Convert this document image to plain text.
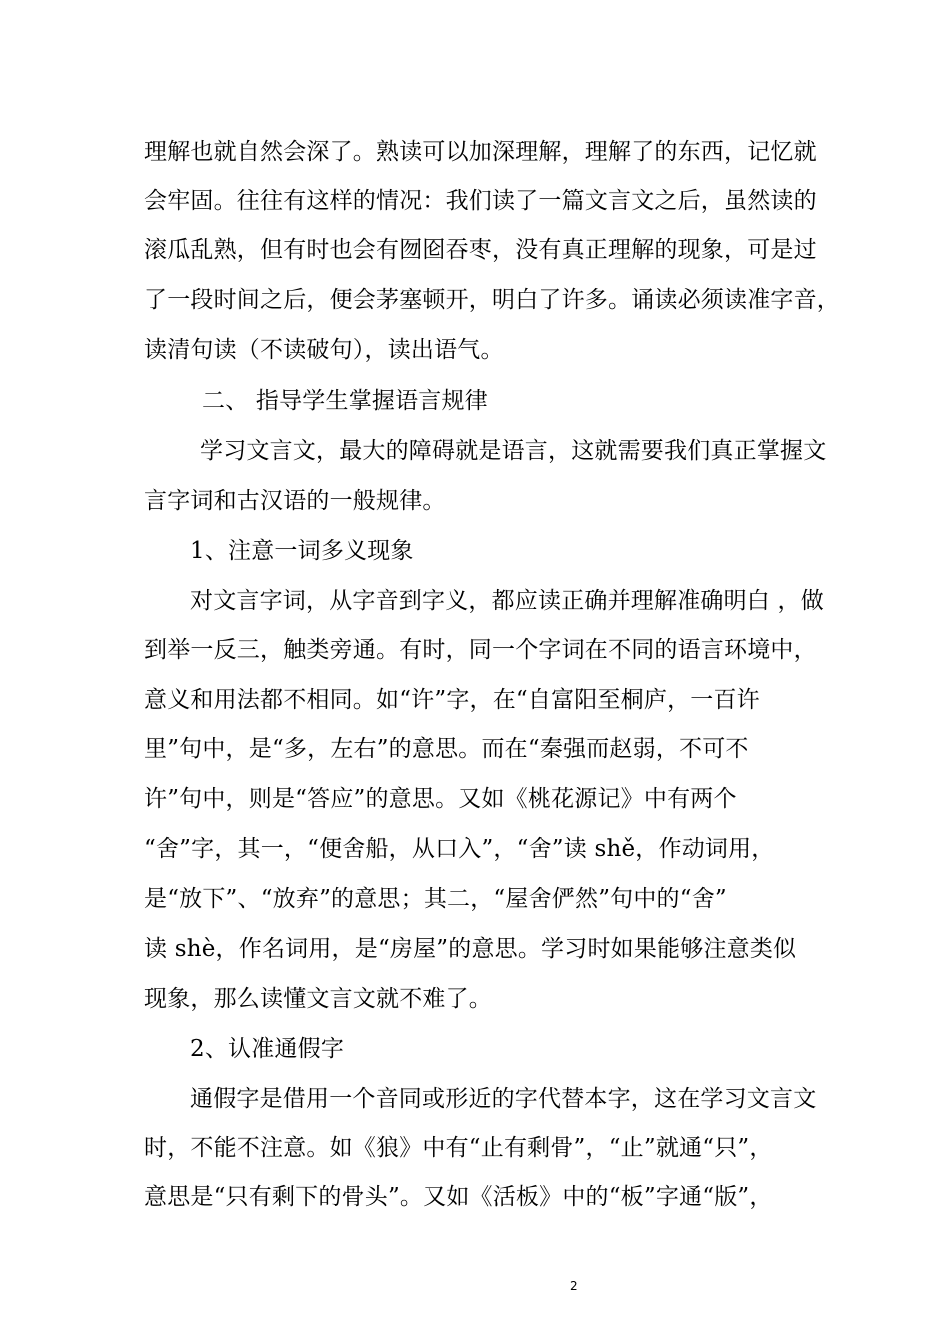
理解也就自然会深了。熟读可以加深理解，理解了的东西，记忆就
会牢固。往往有这样的情况：我们读了一篇文言文之后，虽然读的
滚瓜乱熟，但有时也会有囫囵吞枣，没有真正理解的现象，可是过
了一段时间之后，便会茅塞顿开，明白了许多。诵读必须读准字音，
读清句读（不读破句），读出语气。
二、 指导学生掌握语言规律
学习文言文，最大的障碍就是语言，这就需要我们真正掌握文
言字词和古汉语的一般规律。
1、注意一词多义现象
对文言字词，从字音到字义，都应读正确并理解准确明白 ，做
到举一反三，触类旁通。有时，同一个字词在不同的语言环境中，
意义和用法都不相同。如“许”字，在“自富阳至桐庐，一百许
里”句中，是“多，左右”的意思。而在“秦强而赵弱，不可不
许”句中，则是“答应”的意思。又如《桃花源记》中有两个
“舍”字，其一，“便舍船，从口入”，“舍”读 shě，作动词用，
是“放下”、“放弃”的意思；其二，“屋舍俨然”句中的“舍”
读 shè，作名词用，是“房屋”的意思。学习时如果能够注意类似
现象，那么读懂文言文就不难了。
2、认准通假字
通假字是借用一个音同或形近的字代替本字，这在学习文言文
时，不能不注意。如《狼》中有“止有剩骨”，“止”就通“只”，
意思是“只有剩下的骨头”。又如《活板》中的“板”字通“版”，
2
